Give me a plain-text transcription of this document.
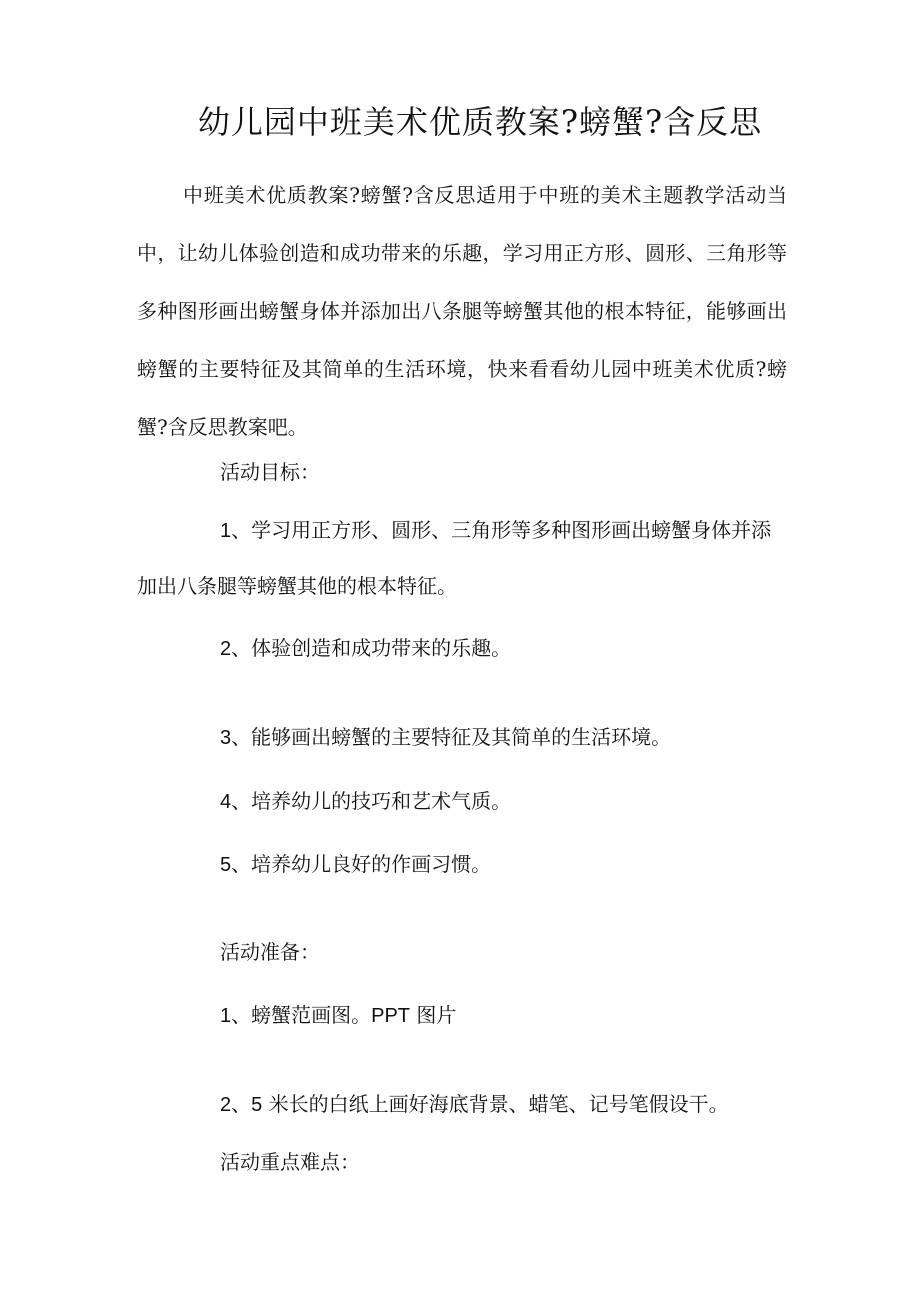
幼儿园中班美术优质教案?螃蟹?含反思

中班美术优质教案?螃蟹?含反思适用于中班的美术主题教学活动当中，让幼儿体验创造和成功带来的乐趣，学习用正方形、圆形、三角形等多种图形画出螃蟹身体并添加出八条腿等螃蟹其他的根本特征，能够画出螃蟹的主要特征及其简单的生活环境，快来看看幼儿园中班美术优质?螃蟹?含反思教案吧。

活动目标：

1、学习用正方形、圆形、三角形等多种图形画出螃蟹身体并添

加出八条腿等螃蟹其他的根本特征。

2、体验创造和成功带来的乐趣。

3、能够画出螃蟹的主要特征及其简单的生活环境。

4、培养幼儿的技巧和艺术气质。

5、培养幼儿良好的作画习惯。

活动准备：

1、螃蟹范画图。PPT 图片

2、5 米长的白纸上画好海底背景、蜡笔、记号笔假设干。

活动重点难点：
